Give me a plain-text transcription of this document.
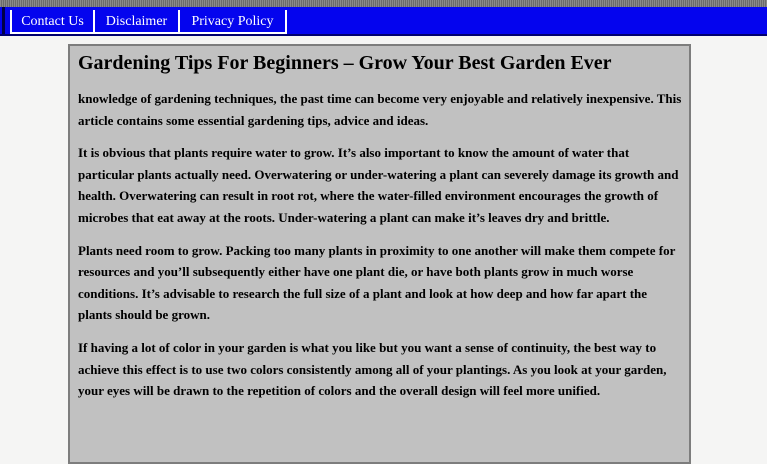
Contact Us	Disclaimer	Privacy Policy
Gardening Tips For Beginners – Grow Your Best Garden Ever

knowledge of gardening techniques, the past time can become very enjoyable and relatively inexpensive. This article contains some essential gardening tips, advice and ideas.

It is obvious that plants require water to grow. It’s also important to know the amount of water that particular plants actually need. Overwatering or under-watering a plant can severely damage its growth and health. Overwatering can result in root rot, where the water-filled environment encourages the growth of microbes that eat away at the roots. Under-watering a plant can make it’s leaves dry and brittle.

Plants need room to grow. Packing too many plants in proximity to one another will make them compete for resources and you’ll subsequently either have one plant die, or have both plants grow in much worse conditions. It’s advisable to research the full size of a plant and look at how deep and how far apart the plants should be grown.

If having a lot of color in your garden is what you like but you want a sense of continuity, the best way to achieve this effect is to use two colors consistently among all of your plantings. As you look at your garden, your eyes will be drawn to the repetition of colors and the overall design will feel more unified.
